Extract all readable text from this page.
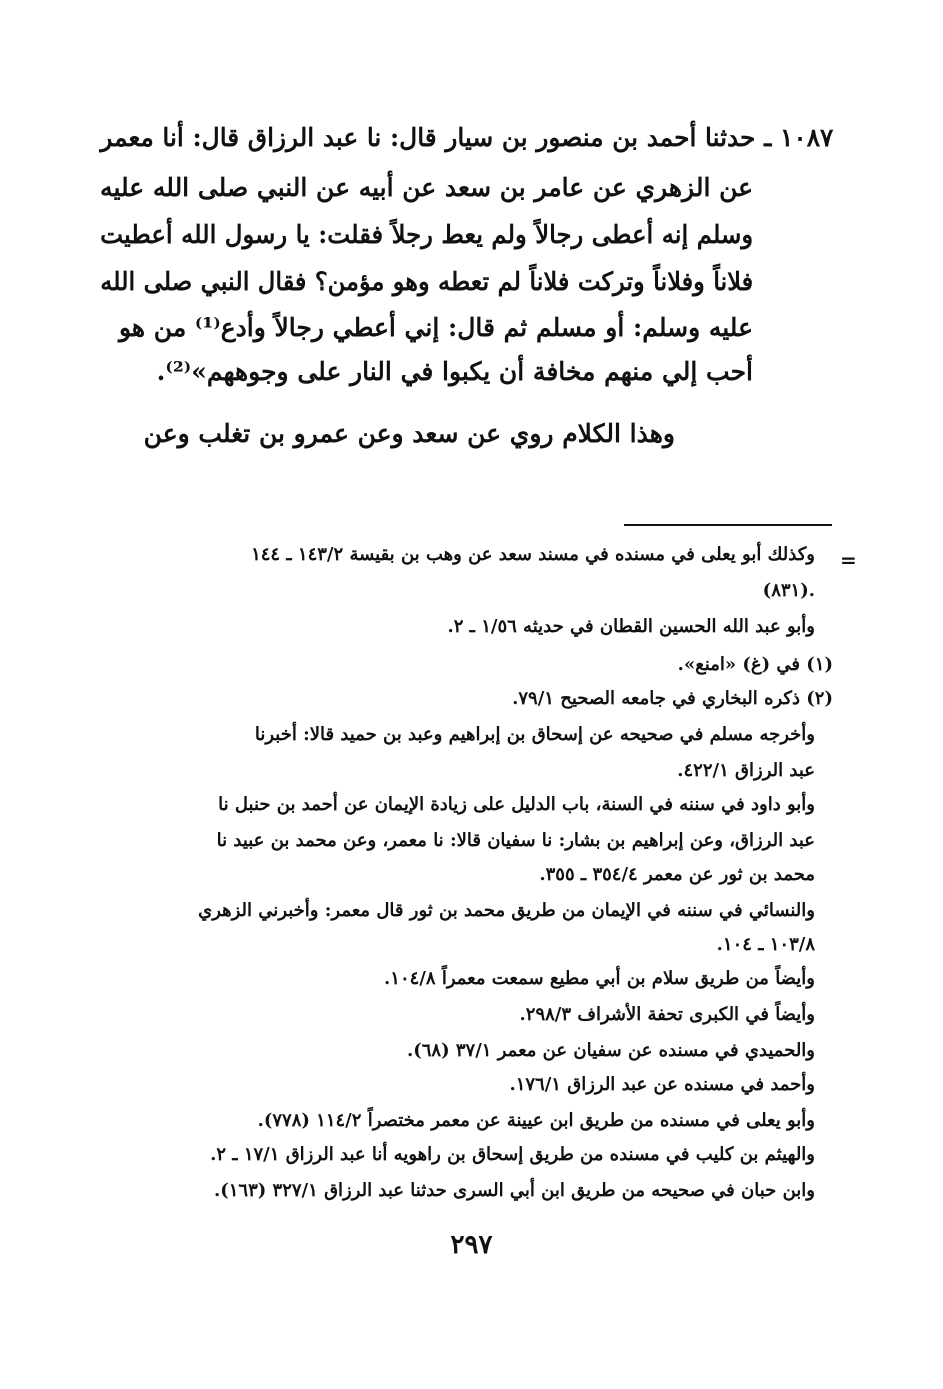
١٠٨٧ ـ حدثنا أحمد بن منصور بن سيار قال: نا عبد الرزاق قال: أنا معمر
عن الزهري عن عامر بن سعد عن أبيه عن النبي صلى الله عليه
وسلم إنه أعطى رجالاً ولم يعط رجلاً فقلت: يا رسول الله أعطيت
فلاناً وفلاناً وتركت فلاناً لم تعطه وهو مؤمن؟ فقال النبي صلى الله
عليه وسلم: أو مسلم ثم قال: إني أعطي رجالاً وأدع⁽¹⁾ من هو
أحب إلي منهم مخافة أن يكبوا في النار على وجوههم»⁽²⁾.
وهذا الكلام روي عن سعد وعن عمرو بن تغلب وعن
=
وكذلك أبو يعلى في مسنده في مسند سعد عن وهب بن بقيسة ١٤٣/٢ ـ ١٤٤
(٨٣١).
وأبو عبد الله الحسين القطان في حديثه ١/٥٦ ـ ٢.
(١) في (غ) «امنع».
(٢) ذكره البخاري في جامعه الصحيح ٧٩/١.
وأخرجه مسلم في صحيحه عن إسحاق بن إبراهيم وعبد بن حميد قالا: أخبرنا
عبد الرزاق ٤٢٢/١.
وأبو داود في سننه في السنة، باب الدليل على زيادة الإيمان عن أحمد بن حنبل نا
عبد الرزاق، وعن إبراهيم بن بشار: نا سفيان قالا: نا معمر، وعن محمد بن عبيد نا
محمد بن ثور عن معمر ٣٥٤/٤ ـ ٣٥٥.
والنسائي في سننه في الإيمان من طريق محمد بن ثور قال معمر: وأخبرني الزهري
١٠٣/٨ ـ ١٠٤.
وأيضاً من طريق سلام بن أبي مطيع سمعت معمراً ١٠٤/٨.
وأيضاً في الكبرى تحفة الأشراف ٢٩٨/٣.
والحميدي في مسنده عن سفيان عن معمر ٣٧/١ (٦٨).
وأحمد في مسنده عن عبد الرزاق ١٧٦/١.
وأبو يعلى في مسنده من طريق ابن عيينة عن معمر مختصراً ١١٤/٢ (٧٧٨).
والهيثم بن كليب في مسنده من طريق إسحاق بن راهويه أنا عبد الرزاق ١٧/١ ـ ٢.
وابن حبان في صحيحه من طريق ابن أبي السرى حدثنا عبد الرزاق ٣٢٧/١ (١٦٣).
٢٩٧
